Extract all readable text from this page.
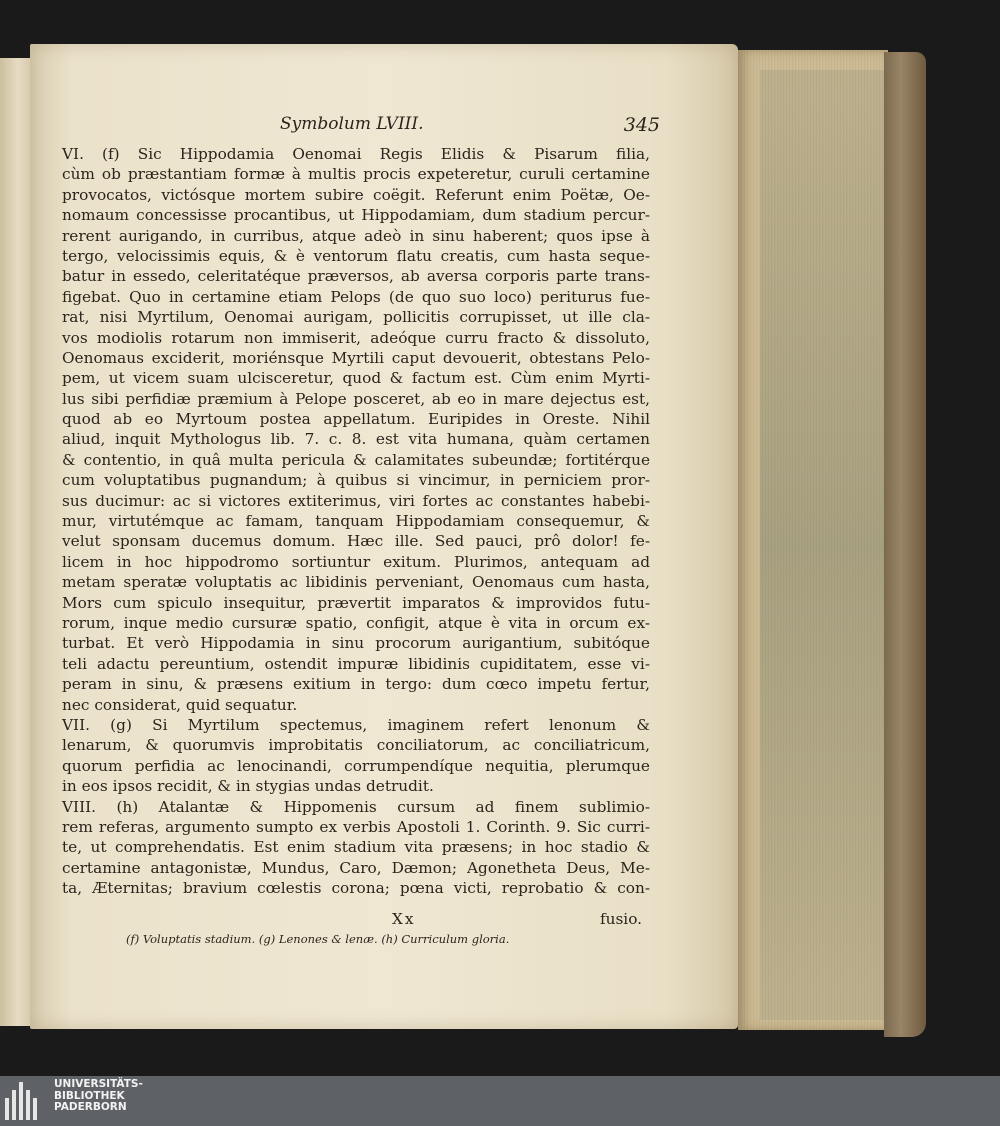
Symbolum LVIII.	345
VI. (f) Sic Hippodamia Oenomai Regis Elidis & Pisarum filia,
cùm ob præstantiam formæ à multis procis expeteretur, curuli certamine
provocatos, victósque mortem subire coëgit. Referunt enim Poëtæ, Oe-
nomaum concessisse procantibus, ut Hippodamiam, dum stadium percur-
rerent aurigando, in curribus, atque adeò in sinu haberent; quos ipse à
tergo, velocissimis equis, & è ventorum flatu creatis, cum hasta seque-
batur in essedo, celeritatéque præversos, ab aversa corporis parte trans-
figebat. Quo in certamine etiam Pelops (de quo suo loco) periturus fue-
rat, nisi Myrtilum, Oenomai aurigam, pollicitis corrupisset, ut ille cla-
vos modiolis rotarum non immiserit, adeóque curru fracto & dissoluto,
Oenomaus exciderit, moriénsque Myrtili caput devouerit, obtestans Pelo-
pem, ut vicem suam ulcisceretur, quod & factum est. Cùm enim Myrti-
lus sibi perfidiæ præmium à Pelope posceret, ab eo in mare dejectus est,
quod ab eo Myrtoum postea appellatum. Euripides in Oreste. Nihil
aliud, inquit Mythologus lib. 7. c. 8. est vita humana, quàm certamen
& contentio, in quâ multa pericula & calamitates subeundæ; fortitérque
cum voluptatibus pugnandum; à quibus si vincimur, in perniciem pror-
sus ducimur: ac si victores extiterimus, viri fortes ac constantes habebi-
mur, virtutémque ac famam, tanquam Hippodamiam consequemur, &
velut sponsam ducemus domum. Hæc ille. Sed pauci, prô dolor! fe-
licem in hoc hippodromo sortiuntur exitum. Plurimos, antequam ad
metam speratæ voluptatis ac libidinis perveniant, Oenomaus cum hasta,
Mors cum spiculo insequitur, prævertit imparatos & improvidos futu-
rorum, inque medio cursuræ spatio, configit, atque è vita in orcum ex-
turbat. Et verò Hippodamia in sinu procorum aurigantium, subitóque
teli adactu pereuntium, ostendit impuræ libidinis cupiditatem, esse vi-
peram in sinu, & præsens exitium in tergo: dum cœco impetu fertur,
nec considerat, quid sequatur.
VII. (g) Si Myrtilum spectemus, imaginem refert lenonum &
lenarum, & quorumvis improbitatis conciliatorum, ac conciliatricum,
quorum perfidia ac lenocinandi, corrumpendíque nequitia, plerumque
in eos ipsos recidit, & in stygias undas detrudit.
VIII. (h) Atalantæ & Hippomenis cursum ad finem sublimio-
rem referas, argumento sumpto ex verbis Apostoli 1. Corinth. 9. Sic curri-
te, ut comprehendatis. Est enim stadium vita præsens; in hoc stadio &
certamine antagonistæ, Mundus, Caro, Dæmon; Agonetheta Deus, Me-
ta, Æternitas; bravium cœlestis corona; pœna victi, reprobatio & con-
Xx	fusio.
(f) Voluptatis stadium. (g) Lenones & lenæ. (h) Curriculum gloria.
UNIVERSITÄTS-
BIBLIOTHEK
PADERBORN
